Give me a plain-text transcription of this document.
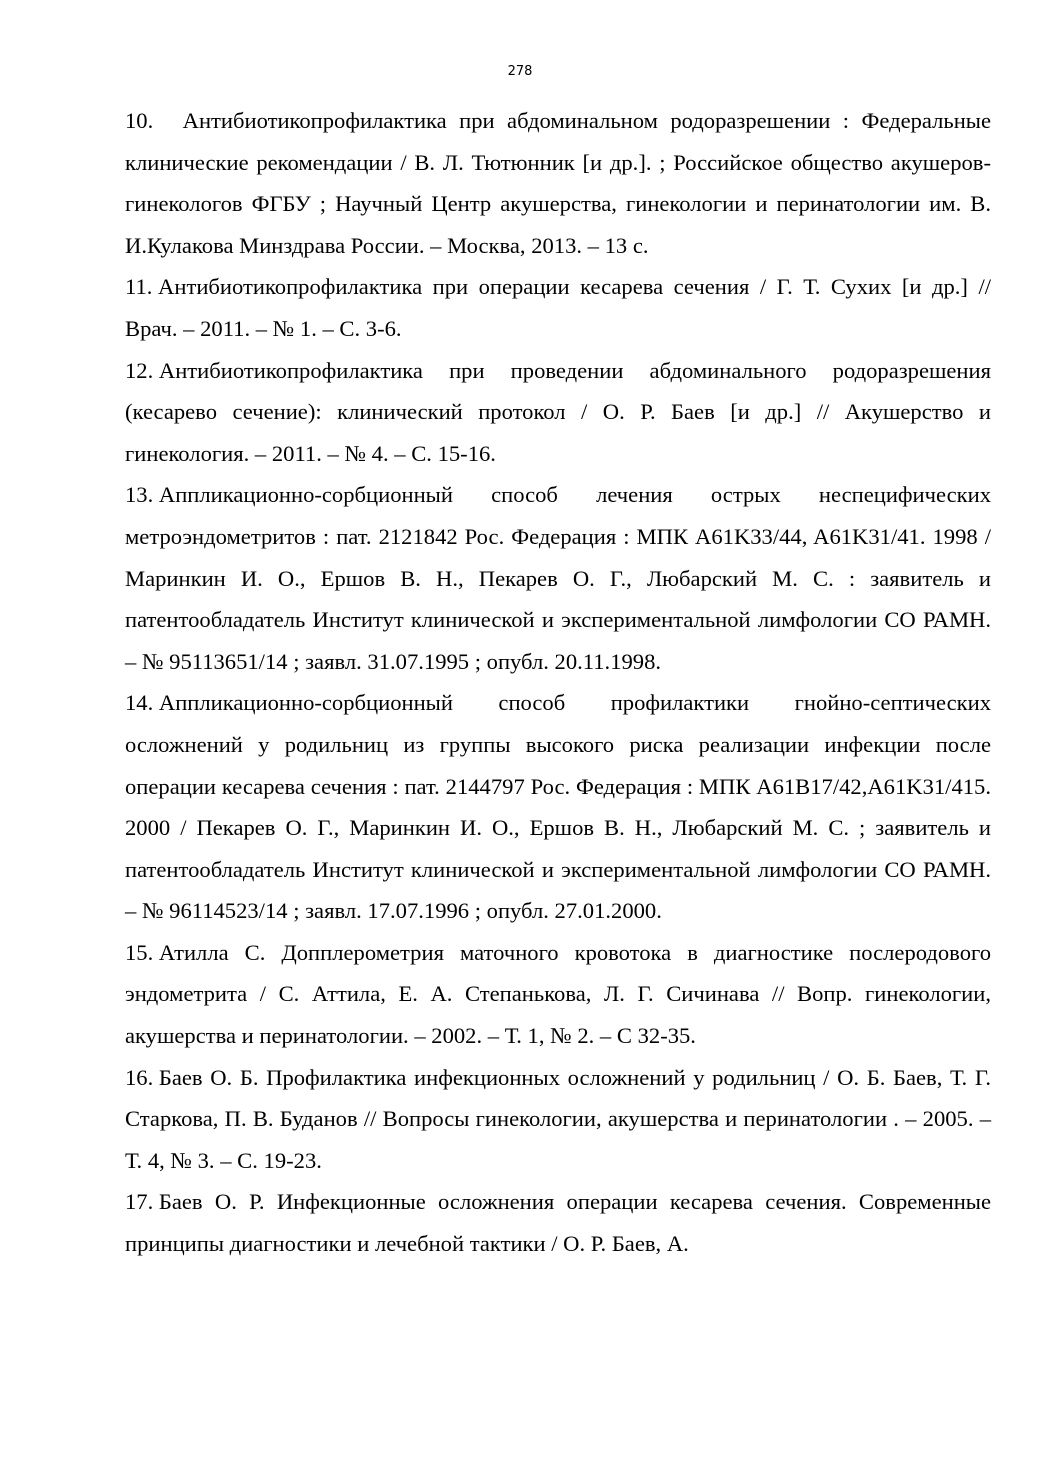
278

10. Антибиотикопрофилактика при абдоминальном родоразрешении : Федеральные клинические рекомендации / В. Л. Тютюнник [и др.]. ; Российское общество акушеров-гинекологов ФГБУ ; Научный Центр акушерства, гинекологии и перинатологии им. В. И.Кулакова Минздрава России. – Москва, 2013. – 13 с.

11. Антибиотикопрофилактика при операции кесарева сечения / Г. Т. Сухих [и др.] // Врач. – 2011. – № 1. – С. 3-6.

12. Антибиотикопрофилактика при проведении абдоминального родоразрешения (кесарево сечение): клинический протокол / О. Р. Баев [и др.] // Акушерство и гинекология. – 2011. – № 4. – С. 15-16.

13. Аппликационно-сорбционный способ лечения острых неспецифических метроэндометритов : пат. 2121842 Рос. Федерация : МПК A61K33/44, A61K31/41. 1998 / Маринкин И. О., Ершов В. Н., Пекарев О. Г., Любарский М. С. : заявитель и патентообладатель Институт клинической и экспериментальной лимфологии СО РАМН. – № 95113651/14 ; заявл. 31.07.1995 ; опубл. 20.11.1998.

14. Аппликационно-сорбционный способ профилактики гнойно-септических осложнений у родильниц из группы высокого риска реализации инфекции после операции кесарева сечения : пат. 2144797 Рос. Федерация : МПК A61B17/42,A61K31/415. 2000 / Пекарев О. Г., Маринкин И. О., Ершов В. Н., Любарский М. С. ; заявитель и патентообладатель Институт клинической и экспериментальной лимфологии СО РАМН. – № 96114523/14 ; заявл. 17.07.1996 ; опубл. 27.01.2000.

15. Атилла С. Допплерометрия маточного кровотока в диагностике послеродового эндометрита / С. Аттила, Е. А. Степанькова, Л. Г. Сичинава // Вопр. гинекологии, акушерства и перинатологии. – 2002. – Т. 1, № 2. – С 32-35.

16. Баев О. Б. Профилактика инфекционных осложнений у родильниц / О. Б. Баев, Т. Г. Старкова, П. В. Буданов // Вопросы гинекологии, акушерства и перинатологии . – 2005. – Т. 4, № 3. – С. 19-23.

17. Баев О. Р. Инфекционные осложнения операции кесарева сечения. Современные принципы диагностики и лечебной тактики / О. Р. Баев, А.
